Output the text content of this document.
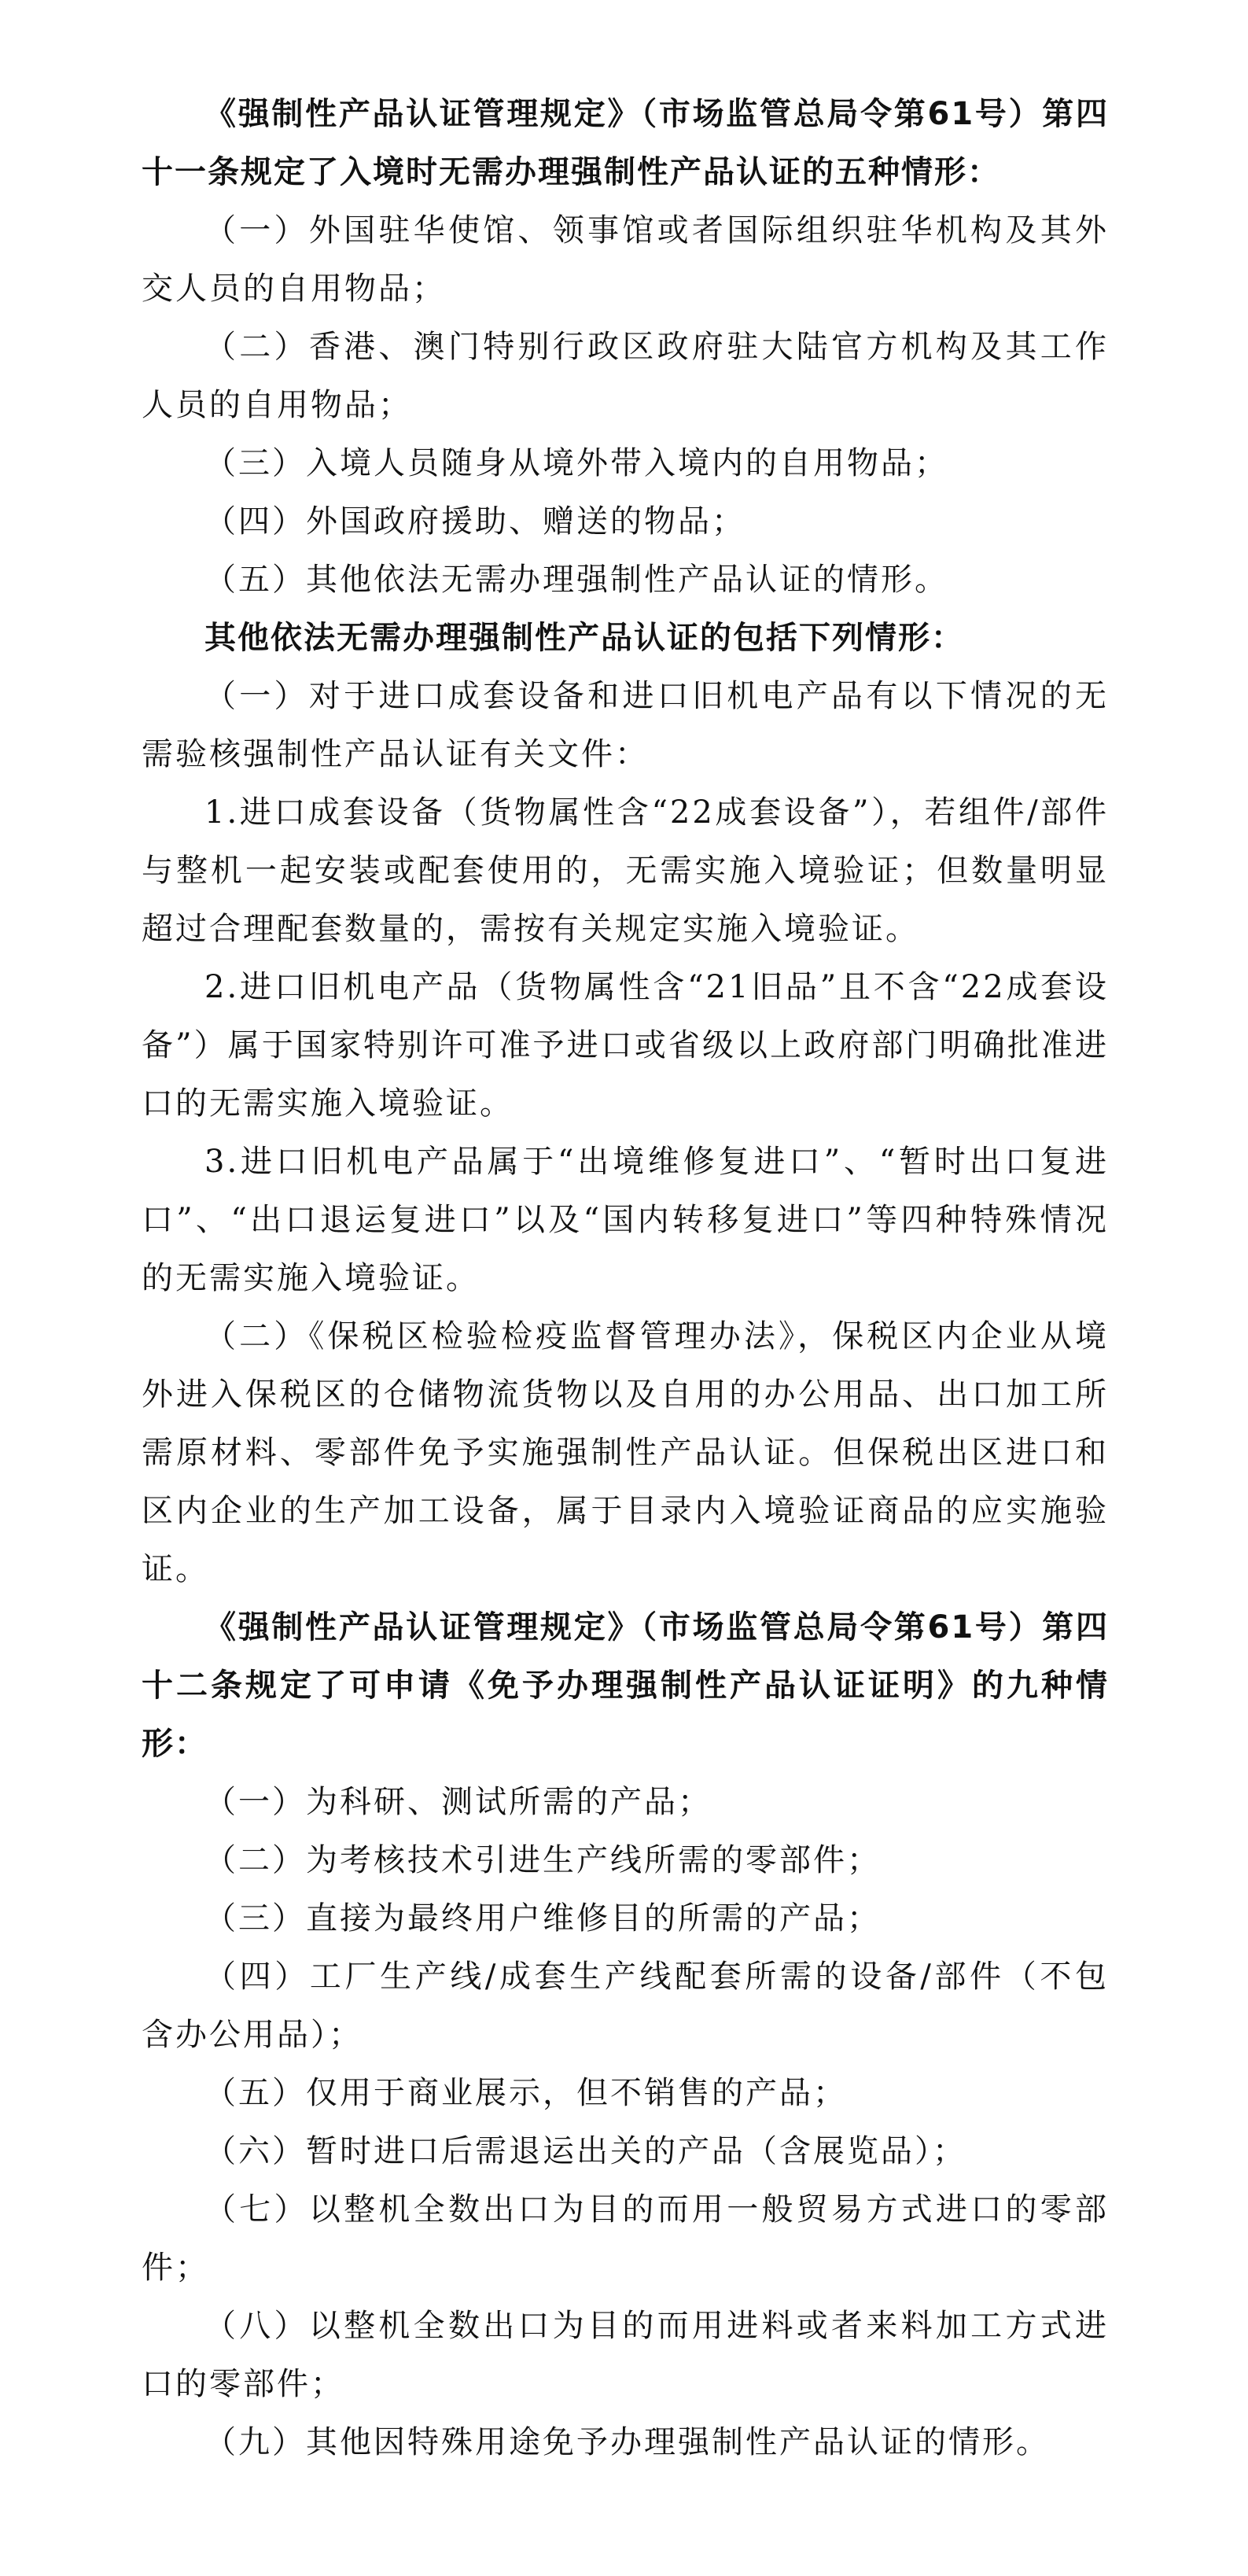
《强制性产品认证管理规定》（市场监管总局令第61号）第四十一条规定了入境时无需办理强制性产品认证的五种情形：

（一）外国驻华使馆、领事馆或者国际组织驻华机构及其外交人员的自用物品；

（二）香港、澳门特别行政区政府驻大陆官方机构及其工作人员的自用物品；

（三）入境人员随身从境外带入境内的自用物品；

（四）外国政府援助、赠送的物品；

（五）其他依法无需办理强制性产品认证的情形。

其他依法无需办理强制性产品认证的包括下列情形：

（一）对于进口成套设备和进口旧机电产品有以下情况的无需验核强制性产品认证有关文件：

1.进口成套设备（货物属性含“22成套设备”），若组件/部件与整机一起安装或配套使用的，无需实施入境验证；但数量明显超过合理配套数量的，需按有关规定实施入境验证。

2.进口旧机电产品（货物属性含“21旧品”且不含“22成套设备”）属于国家特别许可准予进口或省级以上政府部门明确批准进口的无需实施入境验证。

3.进口旧机电产品属于“出境维修复进口”、“暂时出口复进口”、“出口退运复进口”以及“国内转移复进口”等四种特殊情况的无需实施入境验证。

（二）《保税区检验检疫监督管理办法》，保税区内企业从境外进入保税区的仓储物流货物以及自用的办公用品、出口加工所需原材料、零部件免予实施强制性产品认证。但保税出区进口和区内企业的生产加工设备，属于目录内入境验证商品的应实施验证。

《强制性产品认证管理规定》（市场监管总局令第61号）第四十二条规定了可申请《免予办理强制性产品认证证明》的九种情形：

（一）为科研、测试所需的产品；

（二）为考核技术引进生产线所需的零部件；

（三）直接为最终用户维修目的所需的产品；

（四）工厂生产线/成套生产线配套所需的设备/部件（不包含办公用品）；

（五）仅用于商业展示，但不销售的产品；

（六）暂时进口后需退运出关的产品（含展览品）；

（七）以整机全数出口为目的而用一般贸易方式进口的零部件；

（八）以整机全数出口为目的而用进料或者来料加工方式进口的零部件；

（九）其他因特殊用途免予办理强制性产品认证的情形。
